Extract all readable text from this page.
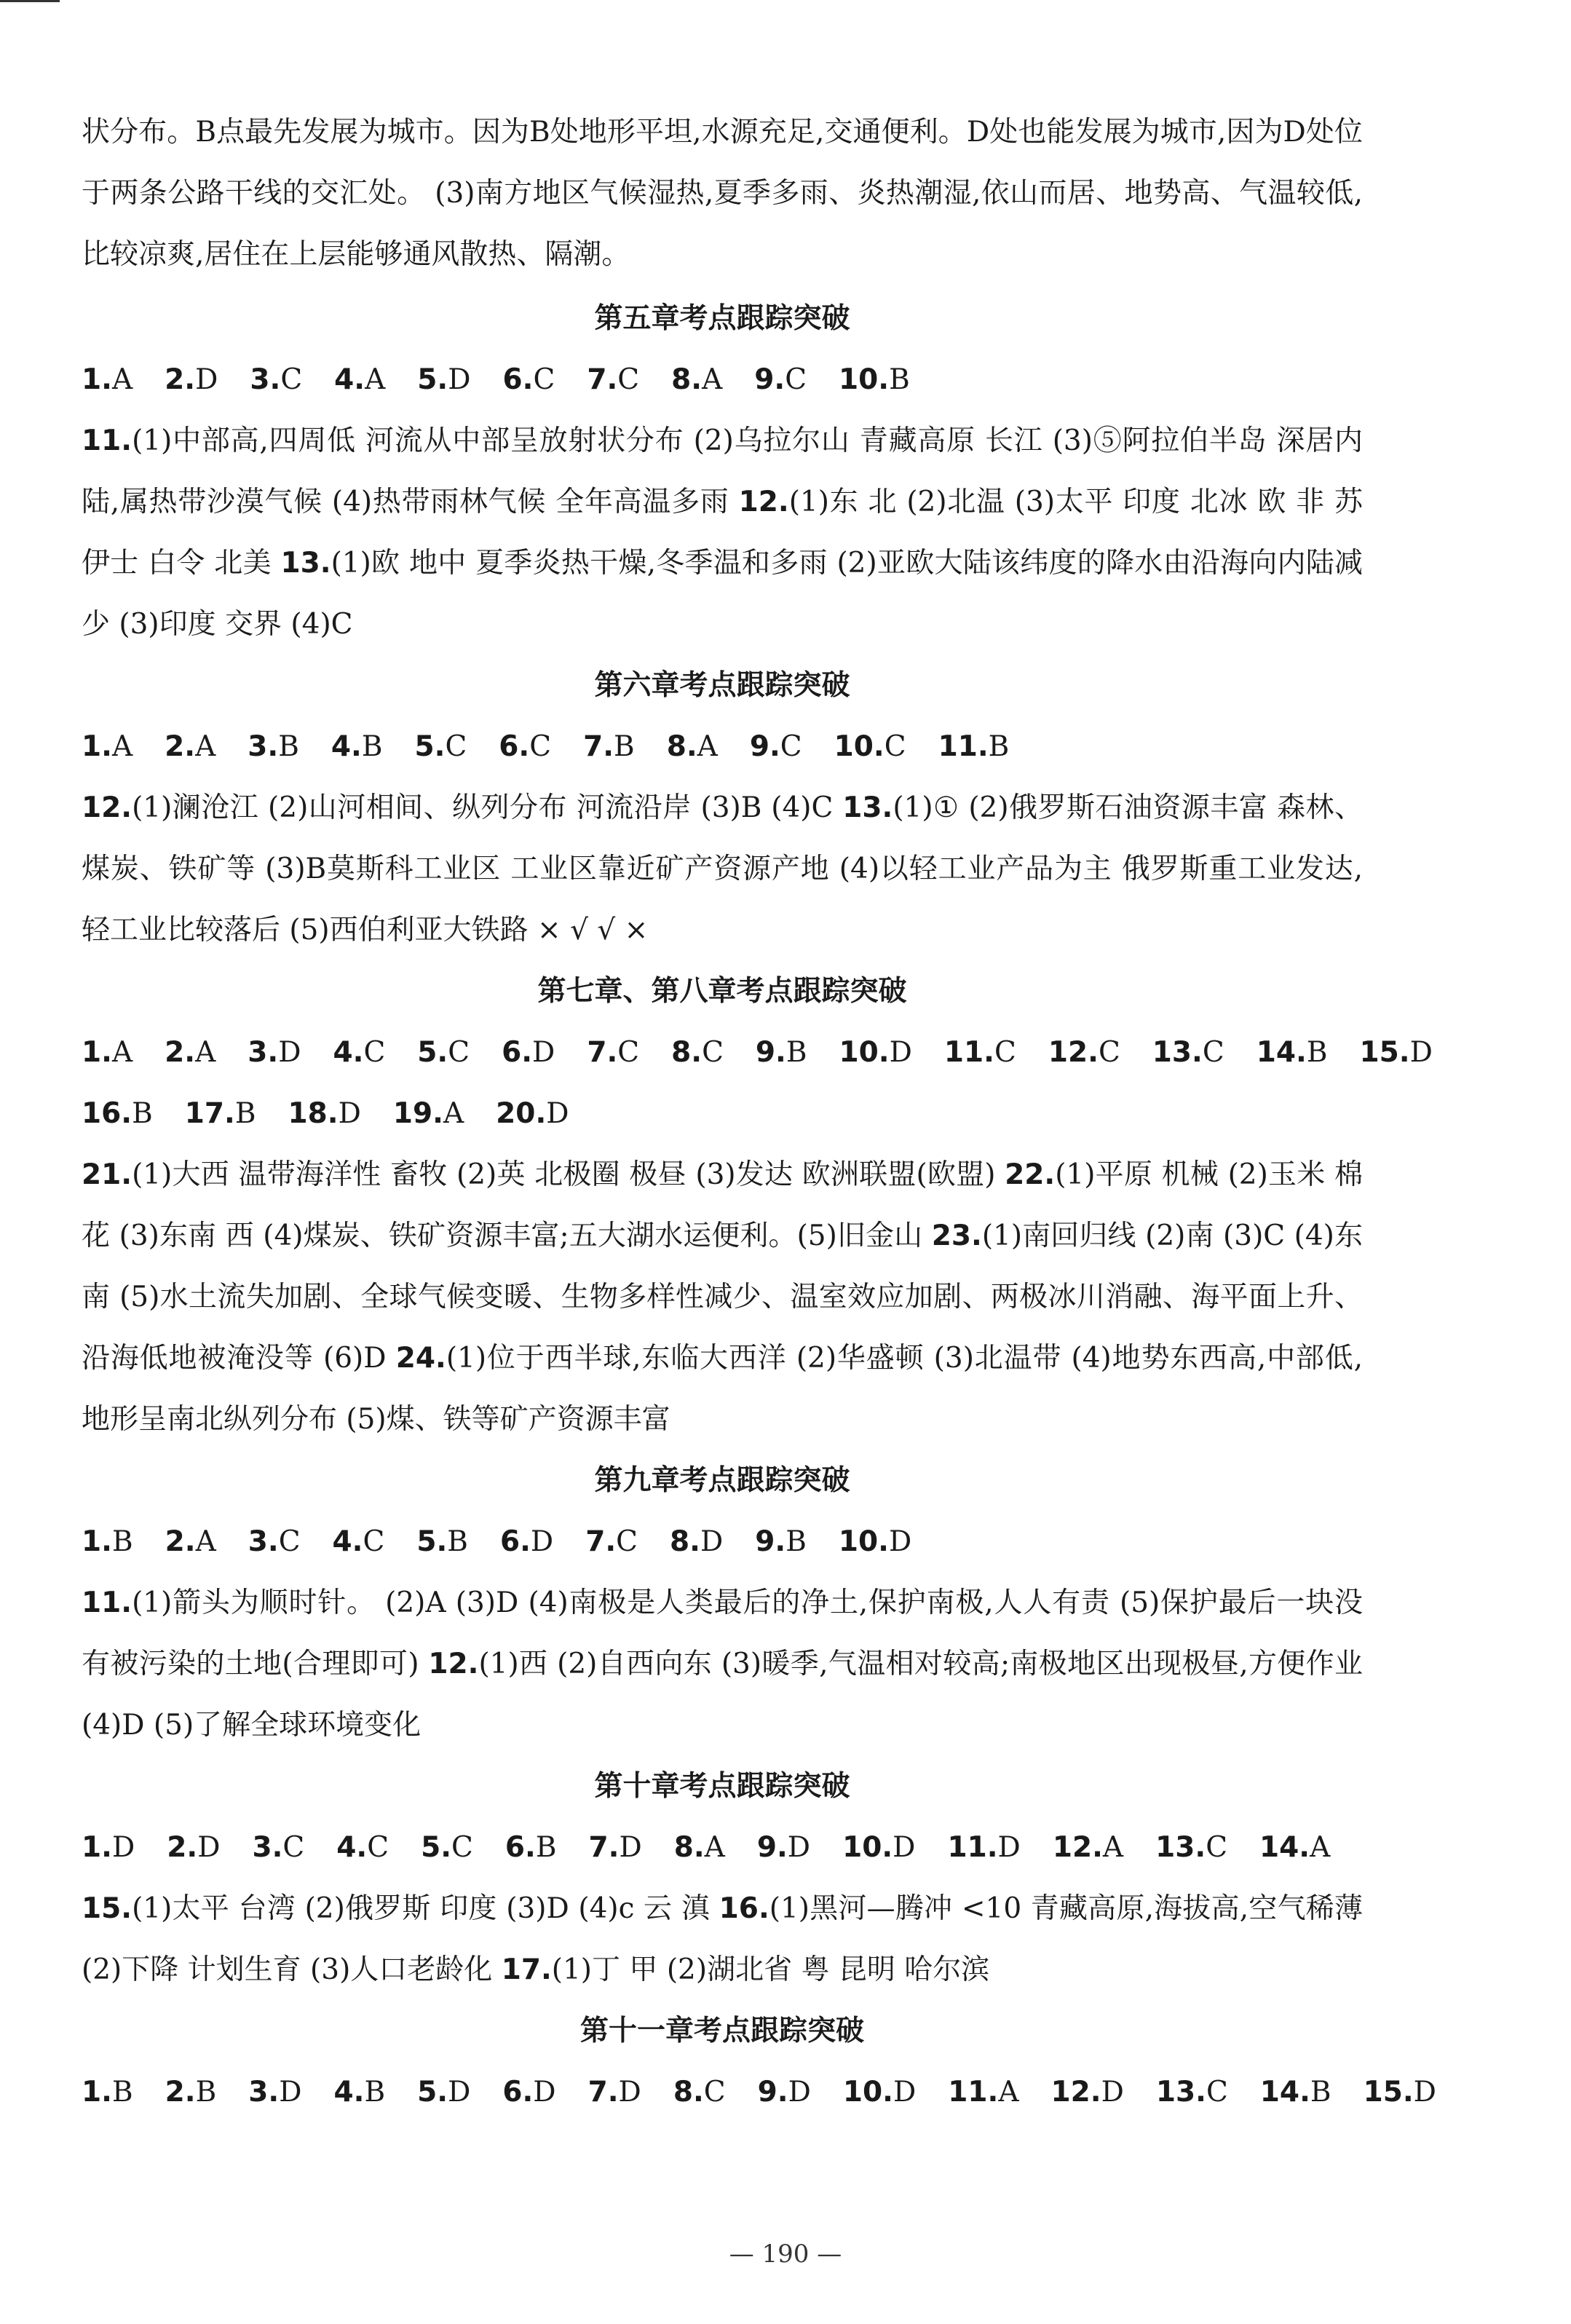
状分布。B点最先发展为城市。因为B处地形平坦,水源充足,交通便利。D处也能发展为城市,因为D处位于两条公路干线的交汇处。 (3)南方地区气候湿热,夏季多雨、炎热潮湿,依山而居、地势高、气温较低,比较凉爽,居住在上层能够通风散热、隔潮。

第五章考点跟踪突破

1.A 2.D 3.C 4.A 5.D 6.C 7.C 8.A 9.C 10.B

11.(1)中部高,四周低 河流从中部呈放射状分布 (2)乌拉尔山 青藏高原 长江 (3)⑤阿拉伯半岛 深居内陆,属热带沙漠气候 (4)热带雨林气候 全年高温多雨 12.(1)东 北 (2)北温 (3)太平 印度 北冰 欧 非 苏伊士 白令 北美 13.(1)欧 地中 夏季炎热干燥,冬季温和多雨 (2)亚欧大陆该纬度的降水由沿海向内陆减少 (3)印度 交界 (4)C

第六章考点跟踪突破

1.A 2.A 3.B 4.B 5.C 6.C 7.B 8.A 9.C 10.C 11.B

12.(1)澜沧江 (2)山河相间、纵列分布 河流沿岸 (3)B (4)C 13.(1)① (2)俄罗斯石油资源丰富 森林、煤炭、铁矿等 (3)B莫斯科工业区 工业区靠近矿产资源产地 (4)以轻工业产品为主 俄罗斯重工业发达,轻工业比较落后 (5)西伯利亚大铁路 × √ √ ×

第七章、第八章考点跟踪突破

1.A 2.A 3.D 4.C 5.C 6.D 7.C 8.C 9.B 10.D 11.C 12.C 13.C 14.B 15.D

16.B 17.B 18.D 19.A 20.D

21.(1)大西 温带海洋性 畜牧 (2)英 北极圈 极昼 (3)发达 欧洲联盟(欧盟) 22.(1)平原 机械 (2)玉米 棉花 (3)东南 西 (4)煤炭、铁矿资源丰富;五大湖水运便利。(5)旧金山 23.(1)南回归线 (2)南 (3)C (4)东南 (5)水土流失加剧、全球气候变暖、生物多样性减少、温室效应加剧、两极冰川消融、海平面上升、沿海低地被淹没等 (6)D 24.(1)位于西半球,东临大西洋 (2)华盛顿 (3)北温带 (4)地势东西高,中部低,地形呈南北纵列分布 (5)煤、铁等矿产资源丰富

第九章考点跟踪突破

1.B 2.A 3.C 4.C 5.B 6.D 7.C 8.D 9.B 10.D

11.(1)箭头为顺时针。 (2)A (3)D (4)南极是人类最后的净土,保护南极,人人有责 (5)保护最后一块没有被污染的土地(合理即可) 12.(1)西 (2)自西向东 (3)暖季,气温相对较高;南极地区出现极昼,方便作业 (4)D (5)了解全球环境变化

第十章考点跟踪突破

1.D 2.D 3.C 4.C 5.C 6.B 7.D 8.A 9.D 10.D 11.D 12.A 13.C 14.A

15.(1)太平 台湾 (2)俄罗斯 印度 (3)D (4)c 云 滇 16.(1)黑河—腾冲 <10 青藏高原,海拔高,空气稀薄 (2)下降 计划生育 (3)人口老龄化 17.(1)丁 甲 (2)湖北省 粤 昆明 哈尔滨

第十一章考点跟踪突破

1.B 2.B 3.D 4.B 5.D 6.D 7.D 8.C 9.D 10.D 11.A 12.D 13.C 14.B 15.D

— 190 —
